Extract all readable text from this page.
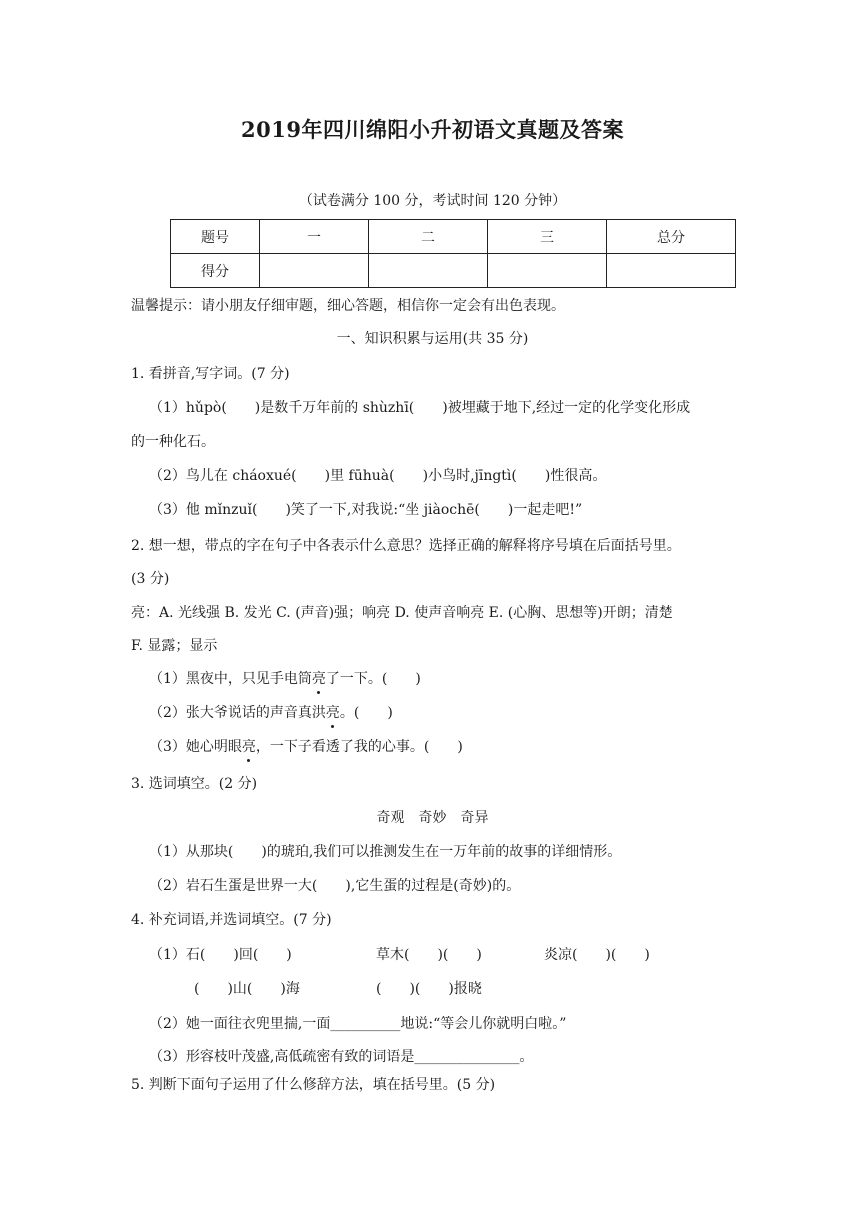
2019年四川绵阳小升初语文真题及答案
（试卷满分 100 分，考试时间 120 分钟）
题号	一	二	三	总分
得分				
温馨提示：请小朋友仔细审题，细心答题，相信你一定会有出色表现。
一、知识积累与运用(共 35 分)
1. 看拼音,写字词。(7 分)
（1）hǔpò(　　)是数千万年前的 shùzhī(　　)被埋藏于地下,经过一定的化学变化形成
的一种化石。
（2）鸟儿在 cháoxué(　　)里 fūhuà(　　)小鸟时,jīngtì(　　)性很高。
（3）他 mǐnzuǐ(　　)笑了一下,对我说:“坐 jiàochē(　　)一起走吧!”
2. 想一想，带点的字在句子中各表示什么意思？选择正确的解释将序号填在后面括号里。
(3 分)
亮：A. 光线强 B. 发光 C. (声音)强；响亮 D. 使声音响亮 E. (心胸、思想等)开朗；清楚
F. 显露；显示
（1）黑夜中，只见手电筒亮了一下。(　　)
（2）张大爷说话的声音真洪亮。(　　)
（3）她心明眼亮，一下子看透了我的心事。(　　)
3. 选词填空。(2 分)
奇观　奇妙　奇异
（1）从那块(　　)的琥珀,我们可以推测发生在一万年前的故事的详细情形。
（2）岩石生蛋是世界一大(　　),它生蛋的过程是(奇妙)的。
4. 补充词语,并选词填空。(7 分)
（1）石(　　)回(　　)	草木(　　)(　　)	炎凉(　　)(　　)
(　　)山(　　)海	(　　)(　　)报晓
（2）她一面往衣兜里揣,一面__________地说:“等会儿你就明白啦。”
（3）形容枝叶茂盛,高低疏密有致的词语是_______________。
5. 判断下面句子运用了什么修辞方法，填在括号里。(5 分)
